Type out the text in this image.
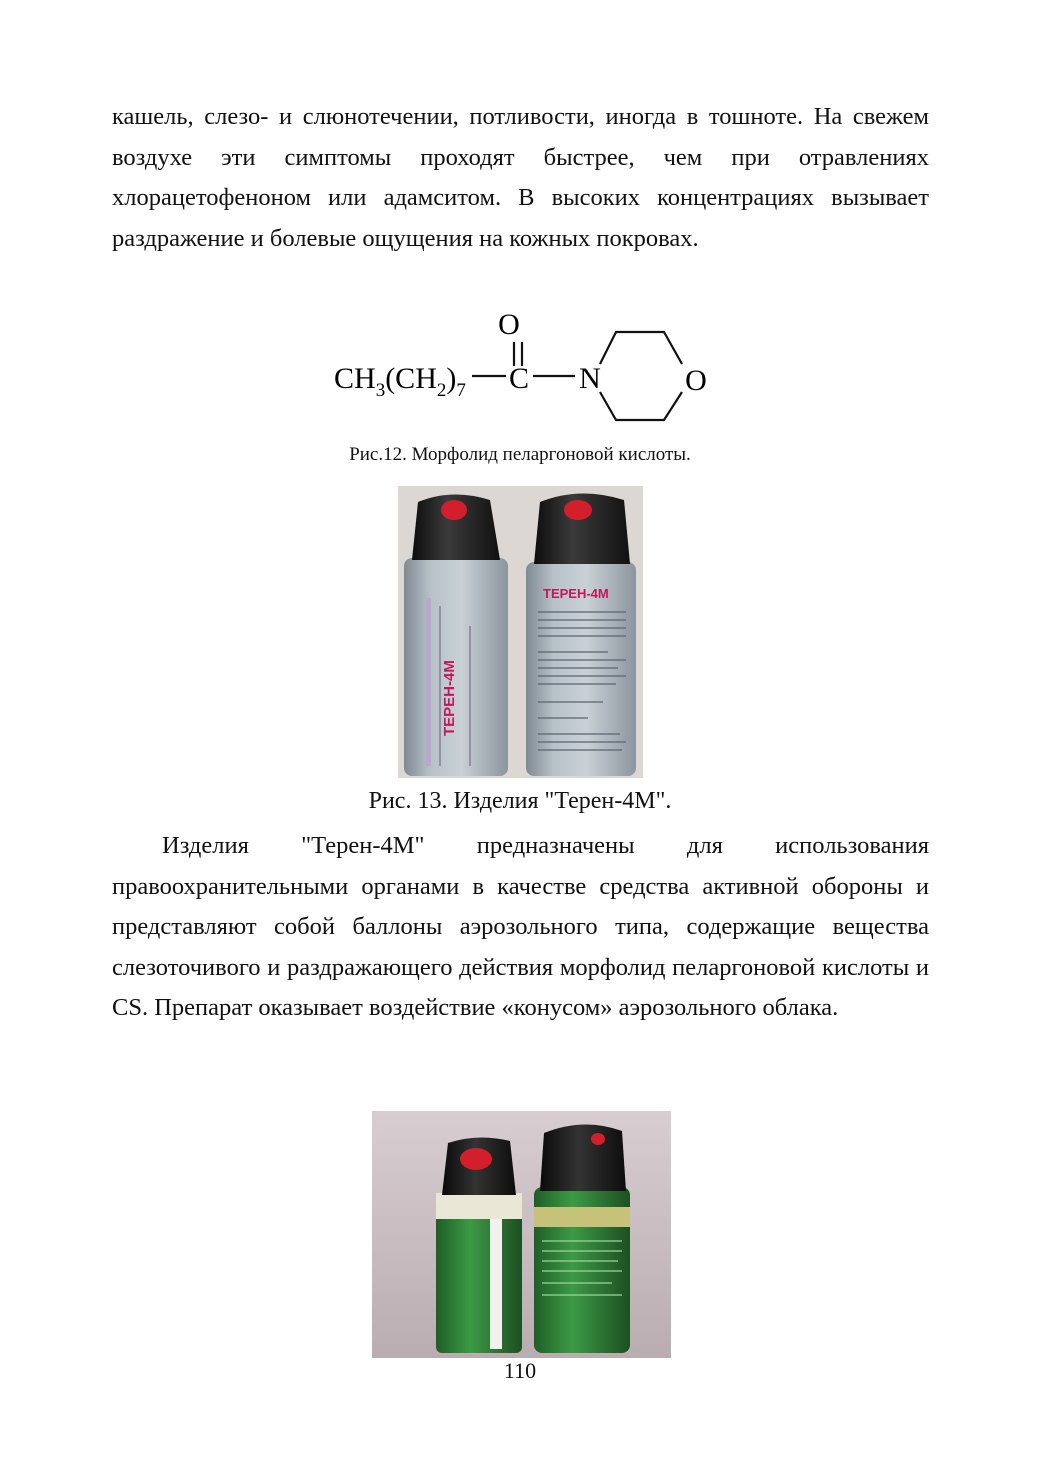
кашель, слезо- и слюнотечении, потливости, иногда в тошноте. На свежем воздухе эти симптомы проходят быстрее, чем при отравлениях хлорацетофеноном или адамситом. В высоких концентрациях вызывает раздражение и болевые ощущения на кожных покровах.

O
$CH_3(CH_2)_7$ C N	O

Рис.12. Морфолид пеларгоновой кислоты.

ТЕРЕН-4М
ТЕРЕН-4М

Рис. 13. Изделия "Терен-4М".

Изделия "Терен-4М" предназначены для использования правоохранительными органами в качестве средства активной обороны и представляют собой баллоны аэрозольного типа, содержащие вещества слезоточивого и раздражающего действия морфолид пеларгоновой кислоты и CS. Препарат оказывает воздействие «конусом» аэрозольного облака.

110
